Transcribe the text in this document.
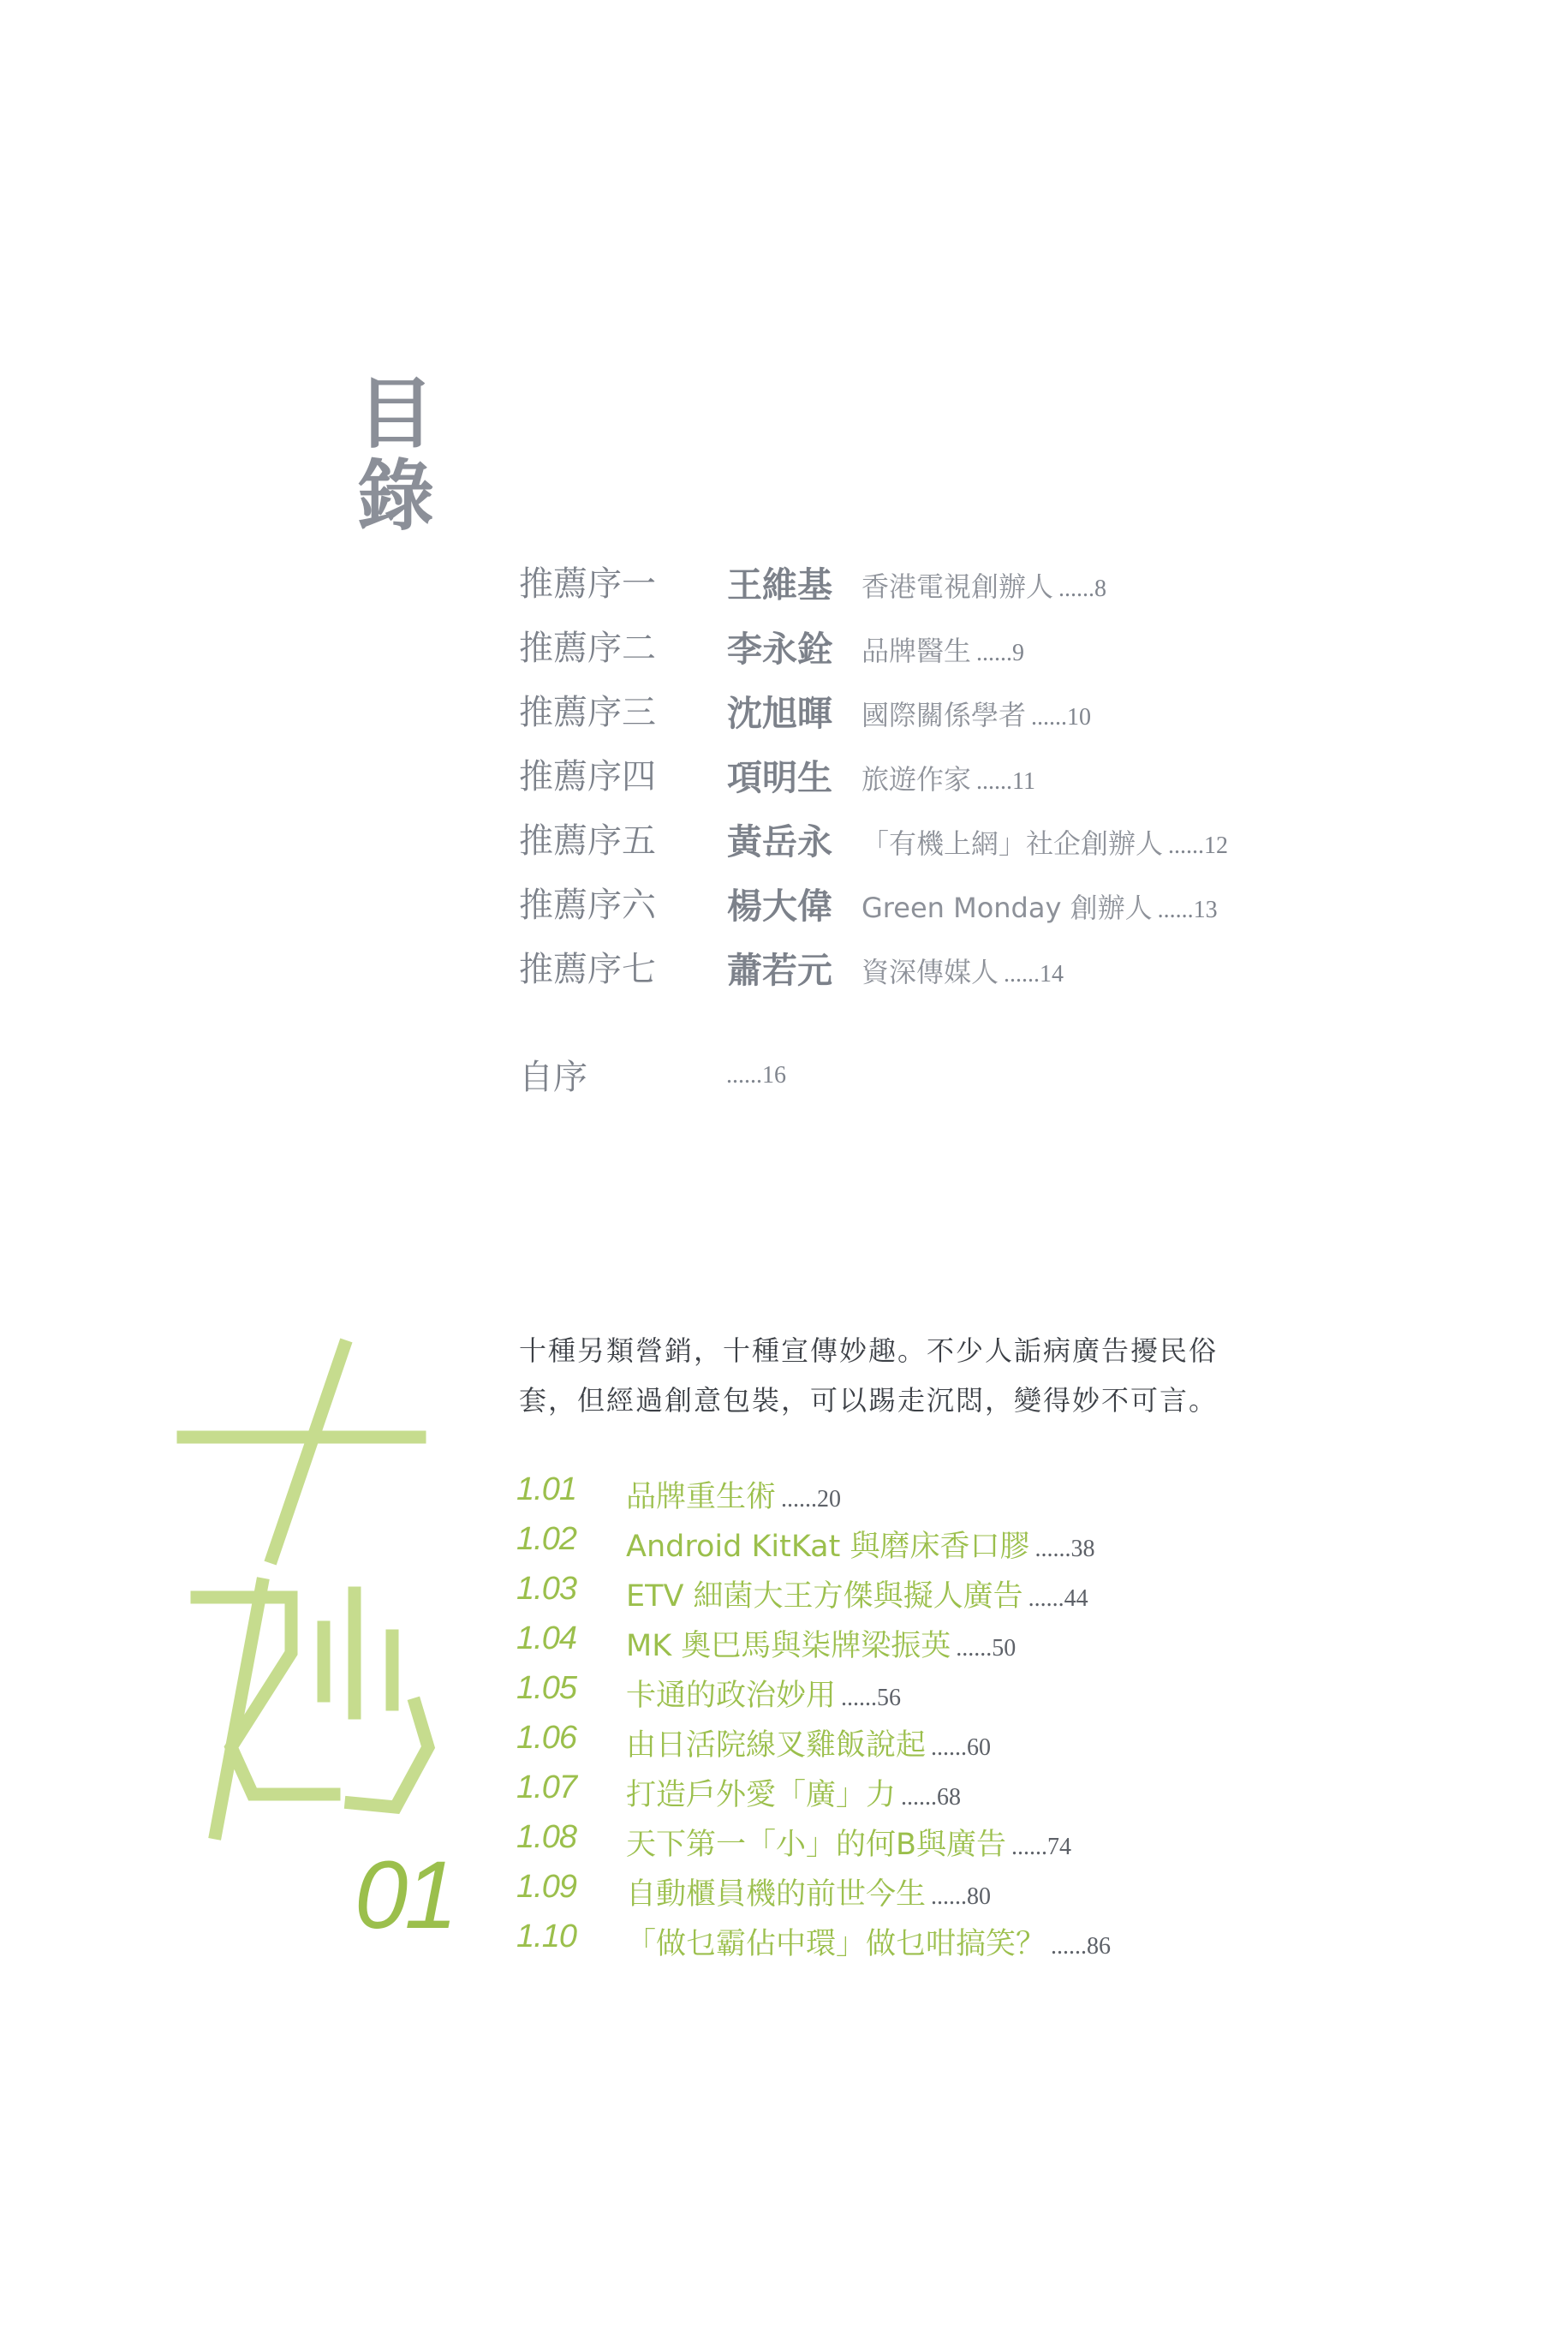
目
錄
推薦序一 王維基 香港電視創辦人 ......8
推薦序二 李永銓 品牌醫生 ......9
推薦序三 沈旭暉 國際關係學者 ......10
推薦序四 項明生 旅遊作家 ......11
推薦序五 黃岳永 「有機上網」社企創辦人 ......12
推薦序六 楊大偉 Green Monday 創辦人 ......13
推薦序七 蕭若元 資深傳媒人 ......14
自序	......16
01
十種另類營銷，十種宣傳妙趣。不少人詬病廣告擾民俗
套，但經過創意包裝，可以踢走沉悶，變得妙不可言。
1.01 品牌重生術 ......20
1.02 Android KitKat 與磨床香口膠 ......38
1.03 ETV 細菌大王方傑與擬人廣告 ......44
1.04 MK 奧巴馬與柒牌梁振英 ......50
1.05 卡通的政治妙用 ......56
1.06 由日活院線叉雞飯說起 ......60
1.07 打造戶外愛「廣」力 ......68
1.08 天下第一「小」的何B與廣告 ......74
1.09 自動櫃員機的前世今生 ......80
1.10 「做乜霸佔中環」做乜咁搞笑？ ......86
